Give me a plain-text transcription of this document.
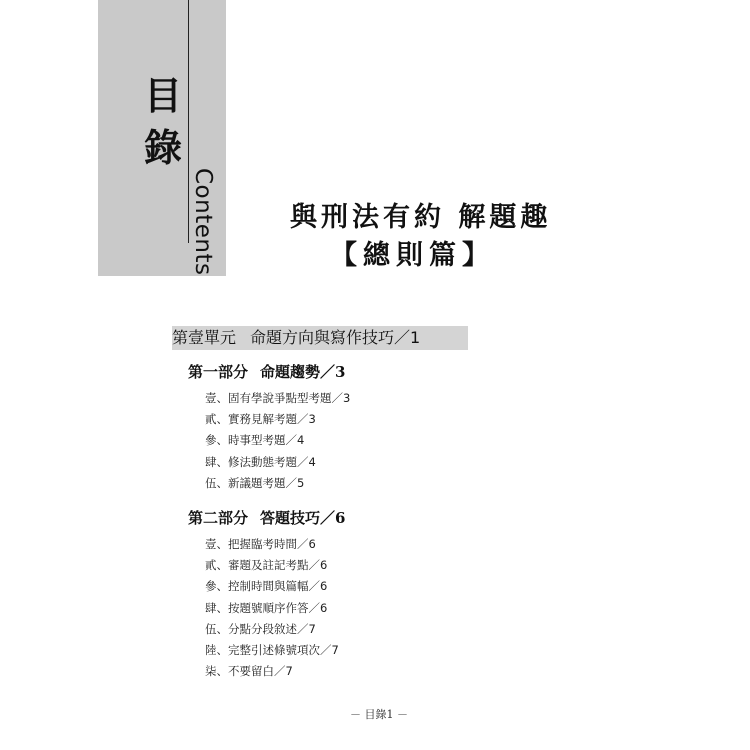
目
錄
Contents	與刑法有約 解題趣
【總則篇】
第壹單元 命題方向與寫作技巧／1
第一部分 命題趨勢／3
壹、固有學說爭點型考題／3
貳、實務見解考題／3
參、時事型考題／4
肆、修法動態考題／4
伍、新議題考題／5
第二部分 答題技巧／6
壹、把握臨考時間／6
貳、審題及註記考點／6
參、控制時間與篇幅／6
肆、按題號順序作答／6
伍、分點分段敘述／7
陸、完整引述條號項次／7
柒、不要留白／7
－ 目錄1 －
